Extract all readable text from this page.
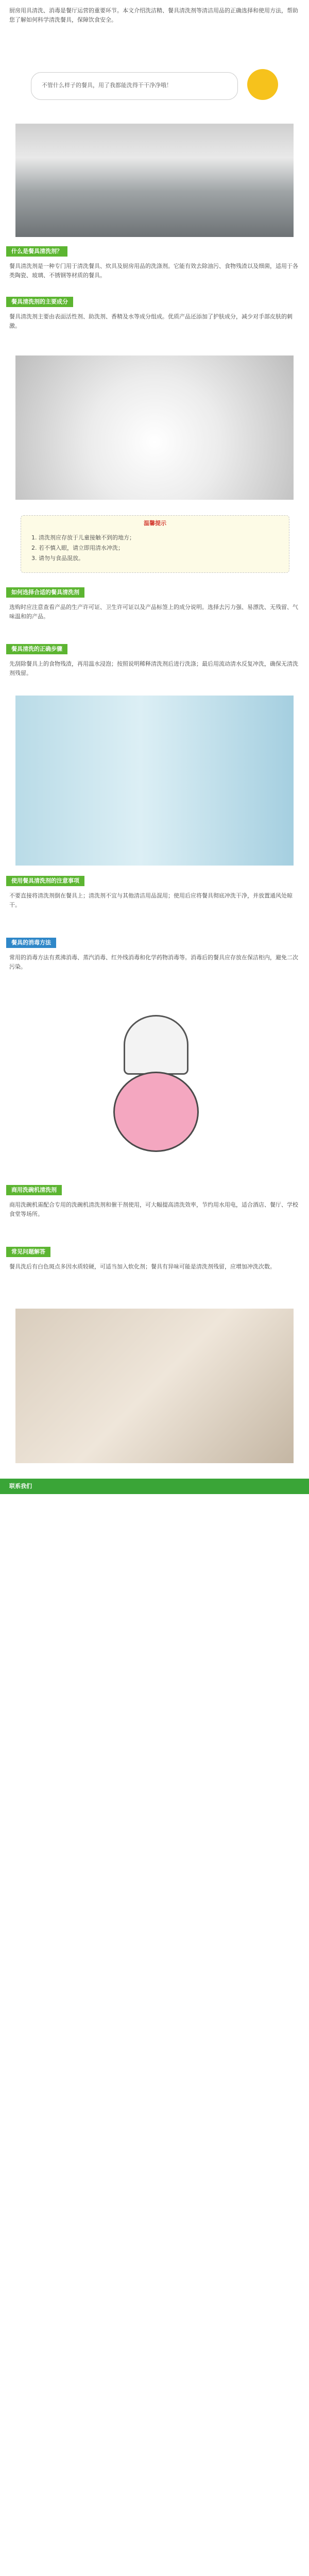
厨房用具清洗、消毒是餐厅运营的重要环节。本文介绍洗洁精、餐具清洗剂等清洁用品的正确选择和使用方法，帮助您了解如何科学清洗餐具，保障饮食安全。

不管什么样子的餐具，用了我都能洗得干干净净哦！

什么是餐具清洗剂？

餐具清洗剂是一种专门用于清洗餐具、炊具及厨房用品的洗涤剂。它能有效去除油污、食物残渣以及细菌，适用于各类陶瓷、玻璃、不锈钢等材质的餐具。

餐具清洗剂的主要成分

餐具清洗剂主要由表面活性剂、助洗剂、香精及水等成分组成。优质产品还添加了护肤成分，减少对手部皮肤的刺激。

温馨提示

1. 清洗剂应存放于儿童接触不到的地方；

2. 若不慎入眼，请立即用清水冲洗；

3. 请勿与食品混放。

如何选择合适的餐具清洗剂

选购时应注意查看产品的生产许可证、卫生许可证以及产品标签上的成分说明。选择去污力强、易漂洗、无残留、气味温和的产品。

餐具清洗的正确步骤

先刮除餐具上的食物残渣，再用温水浸泡；按照说明稀释清洗剂后进行洗涤；最后用流动清水反复冲洗，确保无清洗剂残留。

使用餐具清洗剂的注意事项

不要直接将清洗剂倒在餐具上；清洗剂不宜与其他清洁用品混用；使用后应将餐具彻底冲洗干净，并放置通风处晾干。

餐具的消毒方法

常用的消毒方法有煮沸消毒、蒸汽消毒、红外线消毒和化学药物消毒等。消毒后的餐具应存放在保洁柜内，避免二次污染。

商用洗碗机清洗剂

商用洗碗机需配合专用的洗碗机清洗剂和催干剂使用，可大幅提高清洗效率，节约用水用电，适合酒店、餐厅、学校食堂等场所。

常见问题解答

餐具洗后有白色斑点多因水质较硬，可适当加入软化剂；餐具有异味可能是清洗剂残留，应增加冲洗次数。

联系我们
